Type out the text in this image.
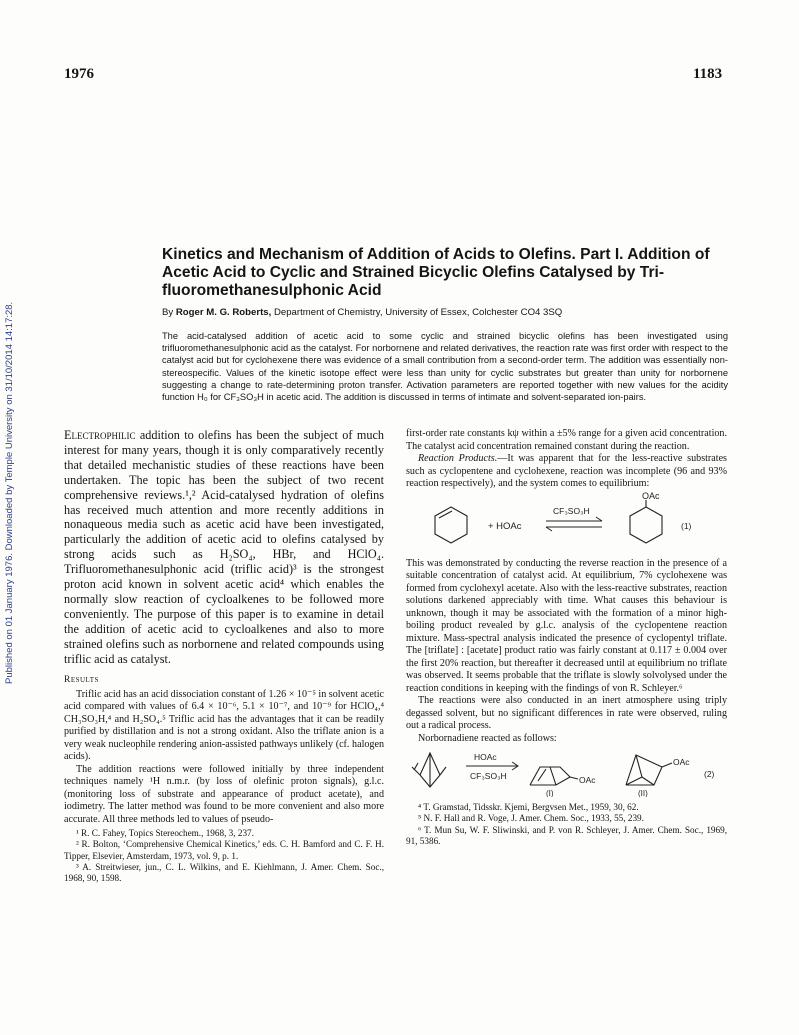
1976	1183
Published on 01 January 1976. Downloaded by Temple University on 31/10/2014 14:17:28.
Kinetics and Mechanism of Addition of Acids to Olefins. Part I. Addition of Acetic Acid to Cyclic and Strained Bicyclic Olefins Catalysed by Tri-fluoromethanesulphonic Acid
By Roger M. G. Roberts, Department of Chemistry, University of Essex, Colchester CO4 3SQ
The acid-catalysed addition of acetic acid to some cyclic and strained bicyclic olefins has been investigated using trifluoromethanesulphonic acid as the catalyst. For norbornene and related derivatives, the reaction rate was first order with respect to the catalyst acid but for cyclohexene there was evidence of a small contribution from a second-order term. The addition was essentially non-stereospecific. Values of the kinetic isotope effect were less than unity for cyclic substrates but greater than unity for norbornene suggesting a change to rate-determining proton transfer. Activation parameters are reported together with new values for the acidity function H₀ for CF₃SO₃H in acetic acid. The addition is discussed in terms of intimate and solvent-separated ion-pairs.

Electrophilic addition to olefins has been the subject of much interest for many years, though it is only comparatively recently that detailed mechanistic studies of these reactions have been undertaken. The topic has been the subject of two recent comprehensive reviews.¹,² Acid-catalysed hydration of olefins has received much attention and more recently additions in nonaqueous media such as acetic acid have been investigated, particularly the addition of acetic acid to olefins catalysed by strong acids such as H₂SO₄, HBr, and HClO₄. Trifluoromethanesulphonic acid (triflic acid)³ is the strongest proton acid known in solvent acetic acid⁴ which enables the normally slow reaction of cycloalkenes to be followed more conveniently. The purpose of this paper is to examine in detail the addition of acetic acid to cycloalkenes and also to more strained olefins such as norbornene and related compounds using triflic acid as catalyst.

Results

Triflic acid has an acid dissociation constant of 1.26 × 10⁻⁵ in solvent acetic acid compared with values of 6.4 × 10⁻⁶, 5.1 × 10⁻⁷, and 10⁻⁹ for HClO₄,⁴ CH₃SO₃H,⁴ and H₂SO₄.⁵ Triflic acid has the advantages that it can be readily purified by distillation and is not a strong oxidant. Also the triflate anion is a very weak nucleophile rendering anion-assisted pathways unlikely (cf. halogen acids).

The addition reactions were followed initially by three independent techniques namely ¹H n.m.r. (by loss of olefinic proton signals), g.l.c. (monitoring loss of substrate and appearance of product acetate), and iodimetry. The latter method was found to be more convenient and also more accurate. All three methods led to values of pseudo-

¹ R. C. Fahey, Topics Stereochem., 1968, 3, 237.

² R. Bolton, ‘Comprehensive Chemical Kinetics,’ eds. C. H. Bamford and C. F. H. Tipper, Elsevier, Amsterdam, 1973, vol. 9, p. 1.

³ A. Streitwieser, jun., C. L. Wilkins, and E. Kiehlmann, J. Amer. Chem. Soc., 1968, 90, 1598.

first-order rate constants kψ within a ±5% range for a given acid concentration. The catalyst acid concentration remained constant during the reaction.

Reaction Products.—It was apparent that for the less-reactive substrates such as cyclopentene and cyclohexene, reaction was incomplete (96 and 93% reaction respectively), and the system comes to equilibrium:

+ HOAc
CF₃SO₃H
OAc
(1)

This was demonstrated by conducting the reverse reaction in the presence of a suitable concentration of catalyst acid. At equilibrium, 7% cyclohexene was formed from cyclohexyl acetate. Also with the less-reactive substrates, reaction solutions darkened appreciably with time. What causes this behaviour is unknown, though it may be associated with the formation of a minor high-boiling product revealed by g.l.c. analysis of the cyclopentene reaction mixture. Mass-spectral analysis indicated the presence of cyclopentyl triflate. The [triflate] : [acetate] product ratio was fairly constant at 0.117 ± 0.004 over the first 20% reaction, but thereafter it decreased until at equilibrium no triflate was observed. It seems probable that the triflate is slowly solvolysed under the reaction conditions in keeping with the findings of von R. Schleyer.⁶

The reactions were also conducted in an inert atmosphere using triply degassed solvent, but no significant differences in rate were observed, ruling out a radical process.

Norbornadiene reacted as follows:

HOAc
CF₃SO₃H	OAc
(I)
OAc
(II)
(2)

⁴ T. Gramstad, Tidsskr. Kjemi, Bergvsen Met., 1959, 30, 62.

⁵ N. F. Hall and R. Voge, J. Amer. Chem. Soc., 1933, 55, 239.

⁶ T. Mun Su, W. F. Sliwinski, and P. von R. Schleyer, J. Amer. Chem. Soc., 1969, 91, 5386.
